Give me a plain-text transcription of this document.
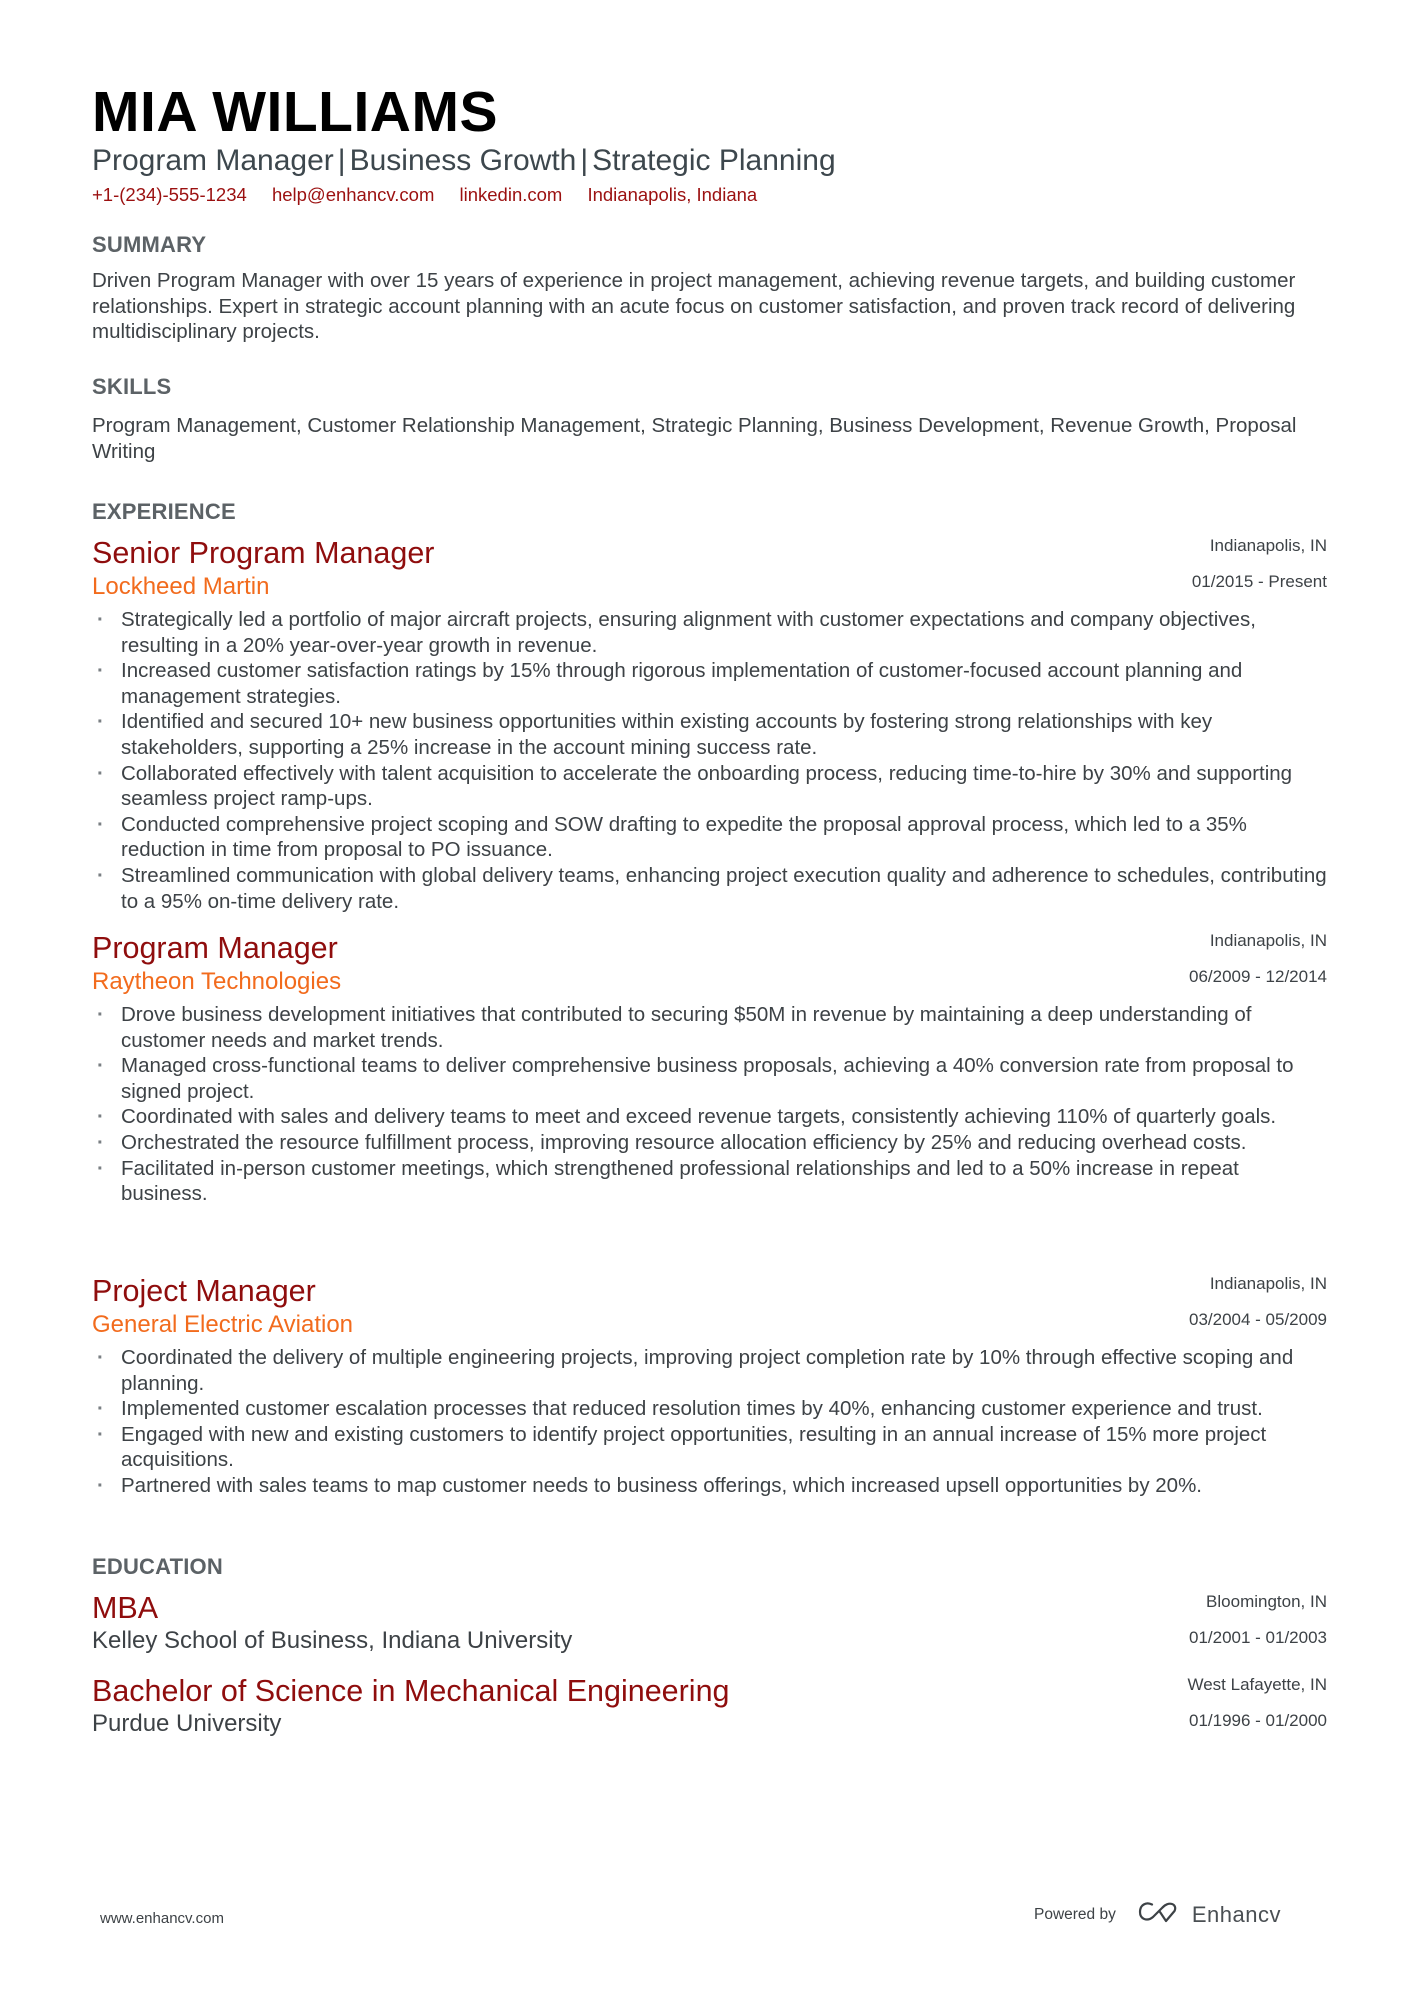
MIA WILLIAMS
Program Manager | Business Growth | Strategic Planning
+1-(234)-555-1234 help@enhancv.com linkedin.com Indianapolis, Indiana
SUMMARY

Driven Program Manager with over 15 years of experience in project management, achieving revenue targets, and building customer relationships. Expert in strategic account planning with an acute focus on customer satisfaction, and proven track record of delivering multidisciplinary projects.

SKILLS

Program Management, Customer Relationship Management, Strategic Planning, Business Development, Revenue Growth, Proposal Writing

EXPERIENCE
Senior Program Manager	Indianapolis, IN
Lockheed Martin	01/2015 - Present
· Strategically led a portfolio of major aircraft projects, ensuring alignment with customer expectations and company objectives, resulting in a 20% year-over-year growth in revenue.
· Increased customer satisfaction ratings by 15% through rigorous implementation of customer-focused account planning and management strategies.
· Identified and secured 10+ new business opportunities within existing accounts by fostering strong relationships with key stakeholders, supporting a 25% increase in the account mining success rate.
· Collaborated effectively with talent acquisition to accelerate the onboarding process, reducing time-to-hire by 30% and supporting seamless project ramp-ups.
· Conducted comprehensive project scoping and SOW drafting to expedite the proposal approval process, which led to a 35% reduction in time from proposal to PO issuance.
· Streamlined communication with global delivery teams, enhancing project execution quality and adherence to schedules, contributing to a 95% on-time delivery rate.
Program Manager	Indianapolis, IN
Raytheon Technologies	06/2009 - 12/2014
· Drove business development initiatives that contributed to securing $50M in revenue by maintaining a deep understanding of customer needs and market trends.
· Managed cross-functional teams to deliver comprehensive business proposals, achieving a 40% conversion rate from proposal to signed project.
· Coordinated with sales and delivery teams to meet and exceed revenue targets, consistently achieving 110% of quarterly goals.
· Orchestrated the resource fulfillment process, improving resource allocation efficiency by 25% and reducing overhead costs.
· Facilitated in-person customer meetings, which strengthened professional relationships and led to a 50% increase in repeat business.
Project Manager	Indianapolis, IN
General Electric Aviation	03/2004 - 05/2009
· Coordinated the delivery of multiple engineering projects, improving project completion rate by 10% through effective scoping and planning.
· Implemented customer escalation processes that reduced resolution times by 40%, enhancing customer experience and trust.
· Engaged with new and existing customers to identify project opportunities, resulting in an annual increase of 15% more project acquisitions.
· Partnered with sales teams to map customer needs to business offerings, which increased upsell opportunities by 20%.
EDUCATION
MBA	Bloomington, IN
Kelley School of Business, Indiana University	01/2001 - 01/2003
Bachelor of Science in Mechanical Engineering	West Lafayette, IN
Purdue University	01/1996 - 01/2000
www.enhancv.com	Powered by	Enhancv
